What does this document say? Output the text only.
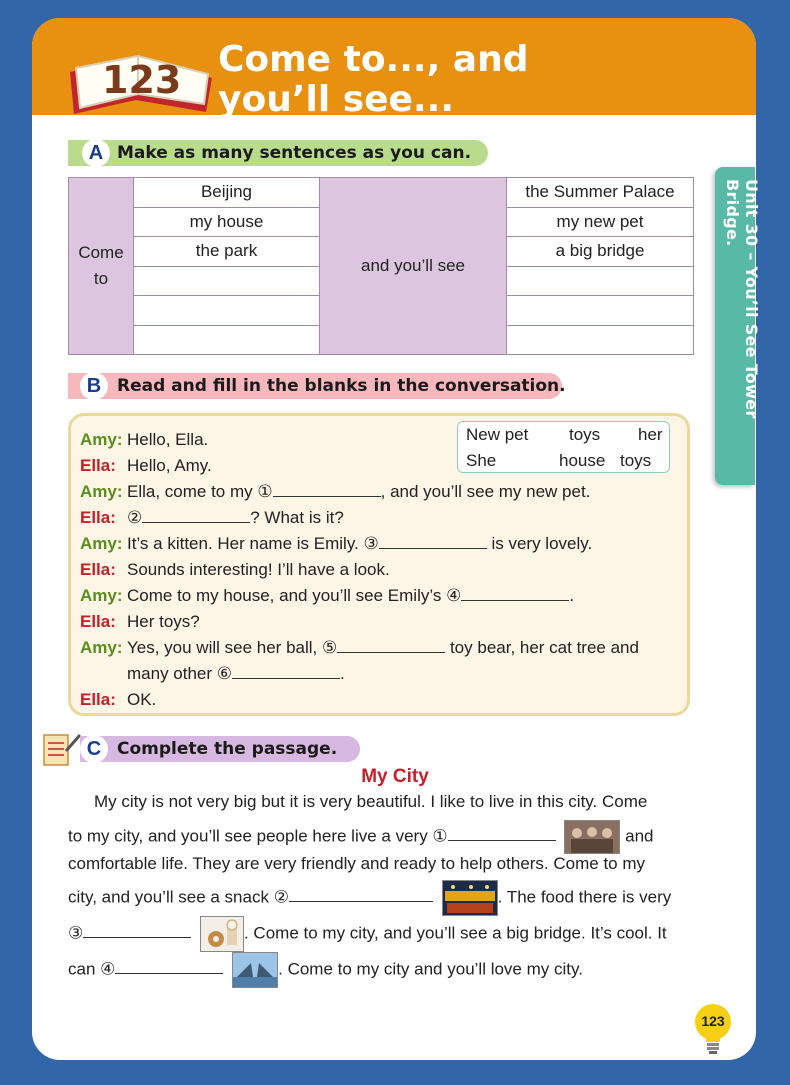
123 Come to..., and you’ll see...
Unit 30 – You’ll See Tower Bridge.
A Make as many sentences as you can.
Come to	Beijing	and you’ll see	the Summer Palace
	my house		my new pet
	the park		a big bridge

B Read and fill in the blanks in the conversation.
New pet toys her
She	house toys
Amy: Hello, Ella.
Ella: Hello, Amy.
Amy: Ella, come to my ①	, and you’ll see my new pet.
Ella: ②	? What is it?
Amy: It’s a kitten. Her name is Emily. ③	is very lovely.
Ella: Sounds interesting! I’ll have a look.
Amy: Come to my house, and you’ll see Emily’s ④	.
Ella: Her toys?
Amy: Yes, you will see her ball, ⑤	toy bear, her cat tree and
many other ⑥	.
Ella: OK.
C Complete the passage.
My City
My city is not very big but it is very beautiful. I like to live in this city. Come
to my city, and you’ll see people here live a very ①	and
comfortable life. They are very friendly and ready to help others. Come to my
city, and you’ll see a snack ②	. The food there is very
③	. Come to my city, and you’ll see a big bridge. It’s cool. It
can ④	. Come to my city and you’ll love my city.
123
